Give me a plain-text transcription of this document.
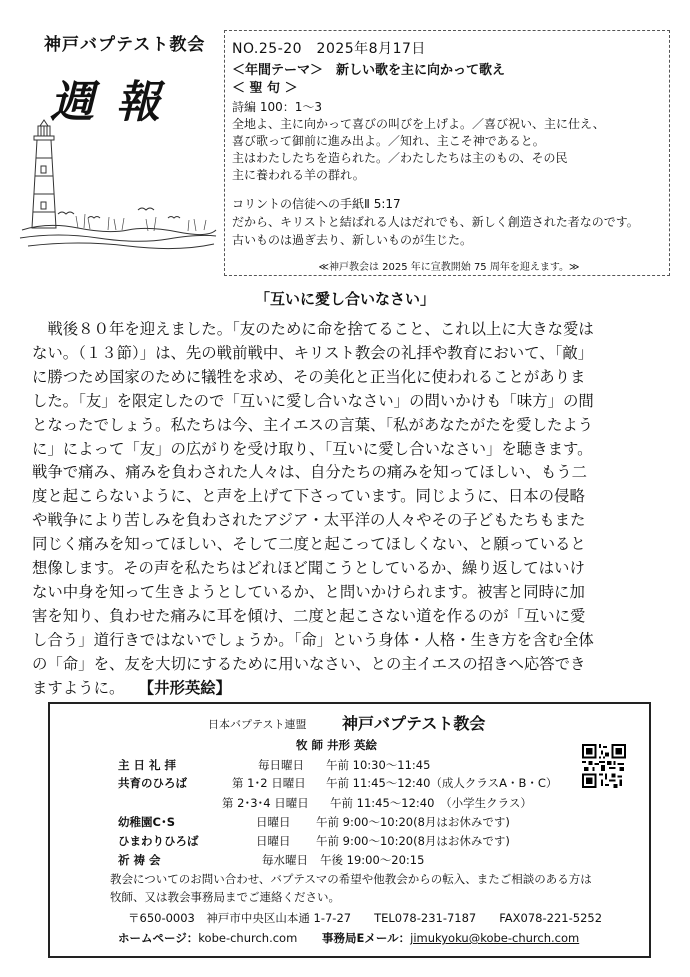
神戸バプテスト教会
週報
NO.25-20　2025年8月17日
＜年間テーマ＞　新しい歌を主に向かって歌え
＜ 聖 句 ＞
詩編 100：1～3
全地よ、主に向かって喜びの叫びを上げよ。／喜び祝い、主に仕え、
喜び歌って御前に進み出よ。／知れ、主こそ神であると。
主はわたしたちを造られた。／わたしたちは主のもの、その民
主に養われる羊の群れ。
コリントの信徒への手紙Ⅱ 5:17
だから、キリストと結ばれる人はだれでも、新しく創造された者なのです。
古いものは過ぎ去り、新しいものが生じた。
≪神戸教会は 2025 年に宣教開始 75 周年を迎えます。≫
「互いに愛し合いなさい」

　戦後８０年を迎えました。「友のために命を捨てること、これ以上に大きな愛は

ない。（１３節）」は、先の戦前戦中、キリスト教会の礼拝や教育において、「敵」

に勝つため国家のために犠牲を求め、その美化と正当化に使われることがありま

した。「友」を限定したので「互いに愛し合いなさい」の問いかけも「味方」の間

となったでしょう。私たちは今、主イエスの言葉、「私があなたがたを愛したよう

に」によって「友」の広がりを受け取り、「互いに愛し合いなさい」を聴きます。

戦争で痛み、痛みを負わされた人々は、自分たちの痛みを知ってほしい、もう二

度と起こらないように、と声を上げて下さっています。同じように、日本の侵略

や戦争により苦しみを負わされたアジア・太平洋の人々やその子どもたちもまた

同じく痛みを知ってほしい、そして二度と起こってほしくない、と願っていると

想像します。その声を私たちはどれほど聞こうとしているか、繰り返してはいけ

ない中身を知って生きようとしているか、と問いかけられます。被害と同時に加

害を知り、負わせた痛みに耳を傾け、二度と起こさない道を作るのが「互いに愛

し合う」道行きではないでしょうか。「命」という身体・人格・生き方を含む全体

の「命」を、友を大切にするために用いなさい、との主イエスの招きへ応答でき

ますように。 【井形英絵】

日本バプテスト連盟 神戸バプテスト教会
牧 師 井形 英絵
主 日 礼 拝	毎日曜日 午前 10:30～11:45
共育のひろば	第 1･2 日曜日 午前 11:45～12:40（成人クラスA・B・C）
第 2･3･4 日曜日 午前 11:45～12:40　（小学生クラス）
幼稚園C･S	日曜日 午前 9:00～10:20(8月はお休みです)
ひまわりひろば	日曜日 午前 9:00～10:20(8月はお休みです)
祈 祷 会	毎水曜日 午後 19:00～20:15
教会についてのお問い合わせ、バプテスマの希望や他教会からの転入、またご相談のある方は
牧師、又は教会事務局までご連絡ください。
〒650-0003　神戸市中央区山本通 1-7-27　　TEL078-231-7187　　FAX078-221-5252
ホームページ：kobe-church.com 事務局Eメール：jimukyoku@kobe-church.com
